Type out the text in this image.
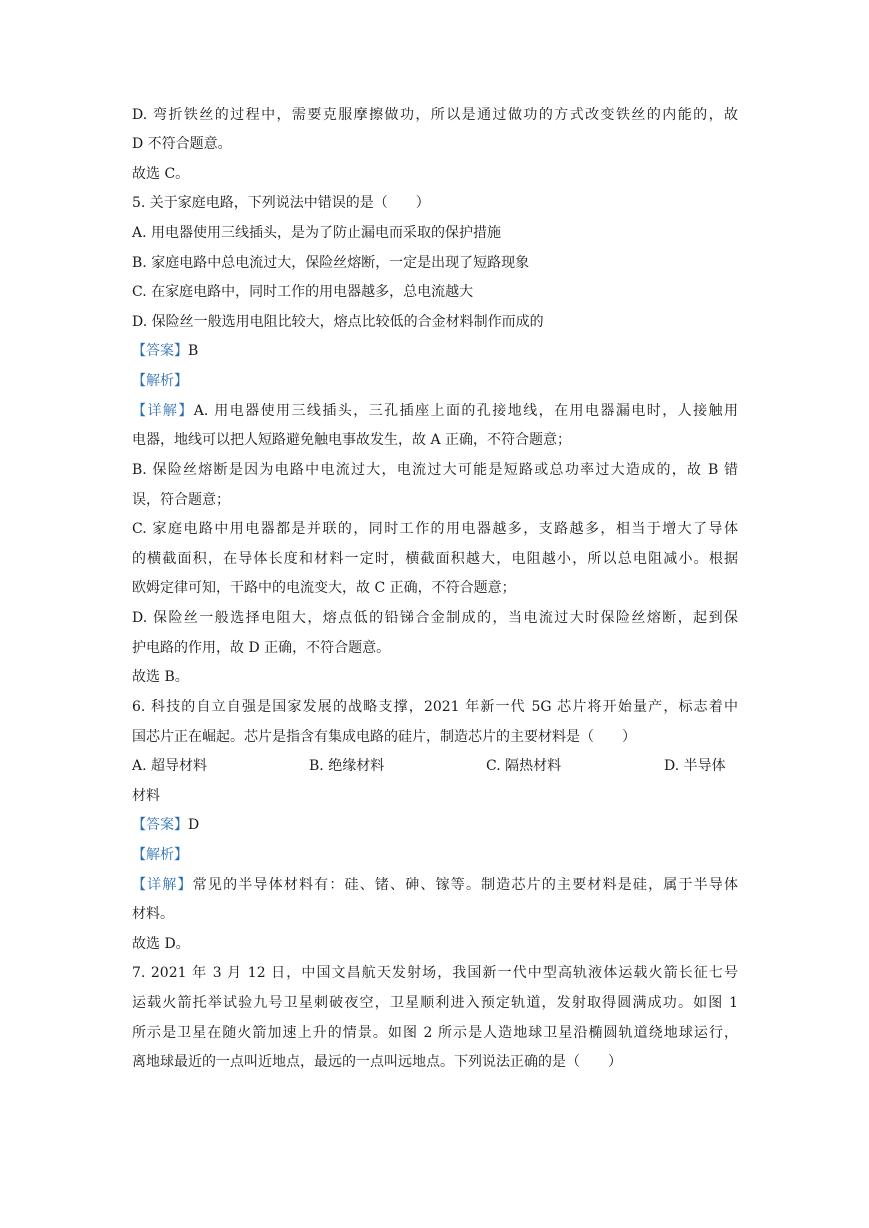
D. 弯折铁丝的过程中，需要克服摩擦做功，所以是通过做功的方式改变铁丝的内能的，故
D 不符合题意。
故选 C。
5. 关于家庭电路，下列说法中错误的是（　　）
A. 用电器使用三线插头，是为了防止漏电而采取的保护措施
B. 家庭电路中总电流过大，保险丝熔断，一定是出现了短路现象
C. 在家庭电路中，同时工作的用电器越多，总电流越大
D. 保险丝一般选用电阻比较大，熔点比较低的合金材料制作而成的
【答案】B
【解析】
【详解】A. 用电器使用三线插头，三孔插座上面的孔接地线，在用电器漏电时，人接触用
电器，地线可以把人短路避免触电事故发生，故 A 正确，不符合题意；
B. 保险丝熔断是因为电路中电流过大，电流过大可能是短路或总功率过大造成的，故 B 错
误，符合题意；
C. 家庭电路中用电器都是并联的，同时工作的用电器越多，支路越多，相当于增大了导体
的横截面积，在导体长度和材料一定时，横截面积越大，电阻越小，所以总电阻减小。根据
欧姆定律可知，干路中的电流变大，故 C 正确，不符合题意；
D. 保险丝一般选择电阻大，熔点低的铅锑合金制成的，当电流过大时保险丝熔断，起到保
护电路的作用，故 D 正确，不符合题意。
故选 B。
6. 科技的自立自强是国家发展的战略支撑，2021 年新一代 5G 芯片将开始量产，标志着中
国芯片正在崛起。芯片是指含有集成电路的硅片，制造芯片的主要材料是（　　）
A. 超导材料	B. 绝缘材料	C. 隔热材料	D. 半导体
材料
【答案】D
【解析】
【详解】常见的半导体材料有：硅、锗、砷、镓等。制造芯片的主要材料是硅，属于半导体
材料。
故选 D。
7. 2021 年 3 月 12 日，中国文昌航天发射场，我国新一代中型高轨液体运载火箭长征七号
运载火箭托举试验九号卫星刺破夜空，卫星顺利进入预定轨道，发射取得圆满成功。如图 1
所示是卫星在随火箭加速上升的情景。如图 2 所示是人造地球卫星沿椭圆轨道绕地球运行，
离地球最近的一点叫近地点，最远的一点叫远地点。下列说法正确的是（　　）
